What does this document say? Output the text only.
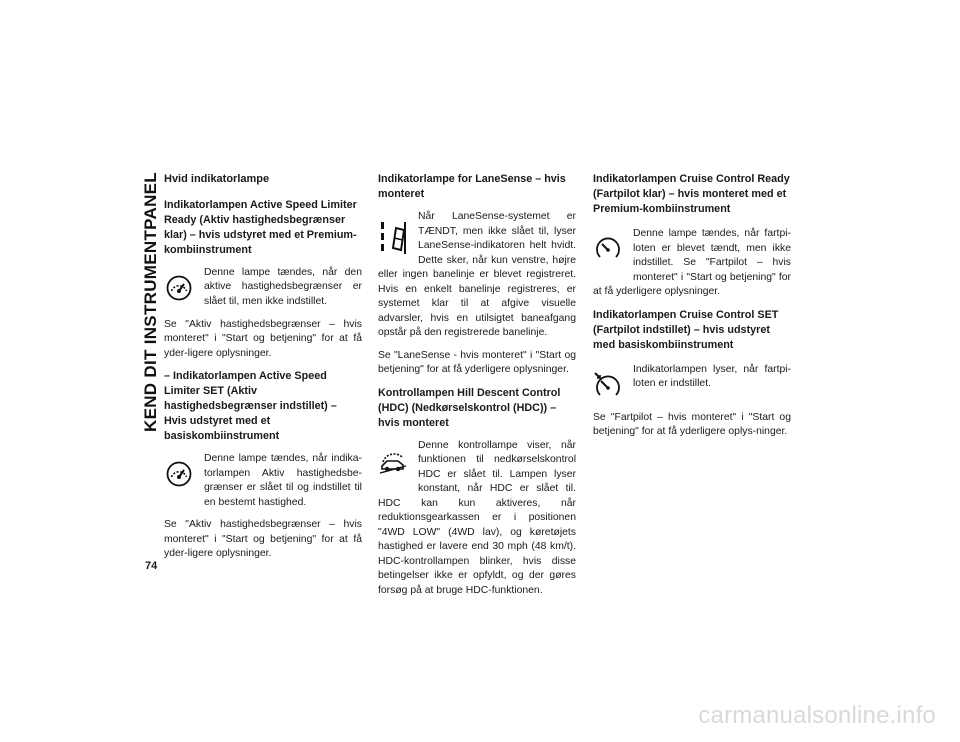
KEND DIT INSTRUMENTPANEL
74
Hvid indikatorlampe
Indikatorlampen Active Speed Limiter Ready (Aktiv hastighedsbegrænser klar) – hvis udstyret med et Premium-kombiinstrument
Denne lampe tændes, når den aktive hastighedsbegrænser er slået til, men ikke indstillet.
Se "Aktiv hastighedsbegrænser – hvis monteret" i "Start og betjening" for at få yder-ligere oplysninger.
– Indikatorlampen Active Speed Limiter SET (Aktiv hastighedsbegrænser indstillet) – Hvis udstyret med et basiskombiinstrument
Denne lampe tændes, når indika-torlampen Aktiv hastighedsbe-grænser er slået til og indstillet til en bestemt hastighed.
Se "Aktiv hastighedsbegrænser – hvis monteret" i "Start og betjening" for at få yder-ligere oplysninger.
Indikatorlampe for LaneSense – hvis monteret
Når LaneSense-systemet er TÆNDT, men ikke slået til, lyser LaneSense-indikatoren helt hvidt. Dette sker, når kun venstre, højre eller ingen banelinje er blevet registreret. Hvis en enkelt banelinje registreres, er systemet klar til at afgive visuelle advarsler, hvis en utilsigtet baneafgang opstår på den registrerede banelinje.
Se "LaneSense - hvis monteret" i "Start og betjening" for at få yderligere oplysninger.
Kontrollampen Hill Descent Control (HDC) (Nedkørselskontrol (HDC)) – hvis monteret
Denne kontrollampe viser, når funktionen til nedkørselskontrol HDC er slået til. Lampen lyser konstant, når HDC er slået til. HDC kan kun aktiveres, når reduktionsgearkassen er i positionen "4WD LOW" (4WD lav), og køretøjets hastighed er lavere end 30 mph (48 km/t). HDC-kontrollampen blinker, hvis disse betingelser ikke er opfyldt, og der gøres forsøg på at bruge HDC-funktionen.
Indikatorlampen Cruise Control Ready (Fartpilot klar) – hvis monteret med et Premium-kombiinstrument
Denne lampe tændes, når fartpi-loten er blevet tændt, men ikke indstillet. Se "Fartpilot – hvis monteret" i "Start og betjening" for at få yderligere oplysninger.
Indikatorlampen Cruise Control SET (Fartpilot indstillet) – hvis udstyret med basiskombiinstrument
Indikatorlampen lyser, når fartpi-loten er indstillet.
Se "Fartpilot – hvis monteret" i "Start og betjening" for at få yderligere oplys-ninger.
carmanualsonline.info
